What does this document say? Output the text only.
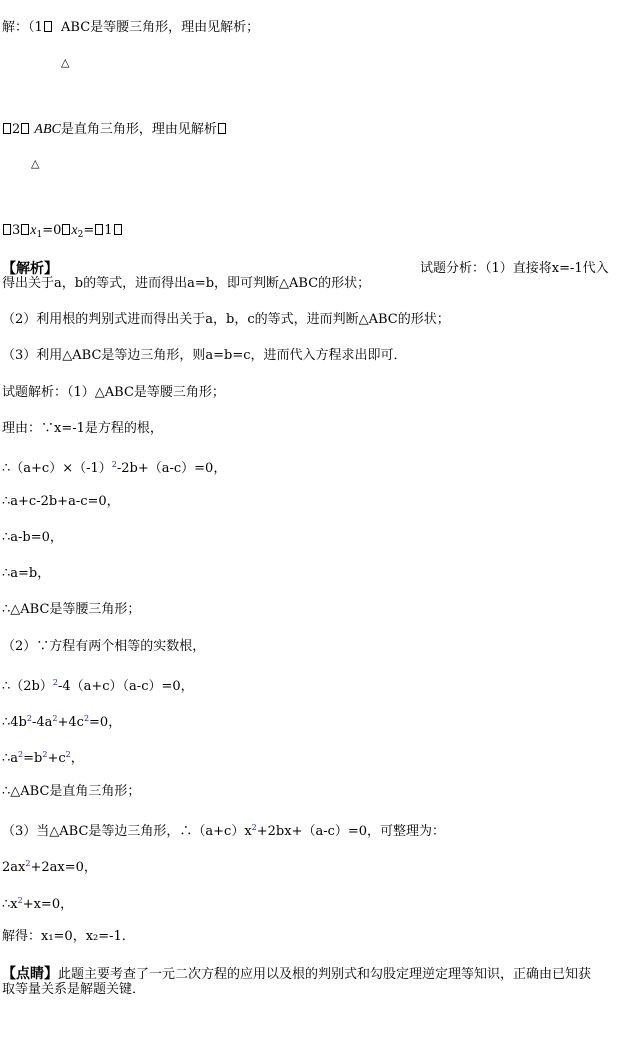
解：（1 ABC是等腰三角形，理由见解析；
△
2 ABC是直角三角形，理由见解析
△
3 $x_1=0$ $x_2= 1$
【解析】	试题分析：（1）直接将x=-1代入
得出关于a，b的等式，进而得出a=b，即可判断△ABC的形状；
（2）利用根的判别式进而得出关于a，b，c的等式，进而判断△ABC的形状；
（3）利用△ABC是等边三角形，则a=b=c，进而代入方程求出即可．
试题解析：（1）△ABC是等腰三角形；
理由：∵x=-1是方程的根，
$\therefore(a+c)\times(-1)^2-2b+(a-c)=0$，
∴a+c-2b+a-c=0，
∴a-b=0，
∴a=b，
∴△ABC是等腰三角形；
（2）∵方程有两个相等的实数根，
$\therefore(2b)^2-4(a+c)(a-c)=0$，
$\therefore 4b^2-4a^2+4c^2=0$，
$\therefore a^2=b^2+c^2$，
∴△ABC是直角三角形；
（3）当△ABC是等边三角形，$\therefore(a+c)x^2+2bx+(a-c)=0$，可整理为：
$2ax^2+2ax=0$，
$\therefore x^2+x=0$，
解得：x₁=0，x₂=-1．
【点睛】此题主要考查了一元二次方程的应用以及根的判别式和勾股定理逆定理等知识，正确由已知获
取等量关系是解题关键．
